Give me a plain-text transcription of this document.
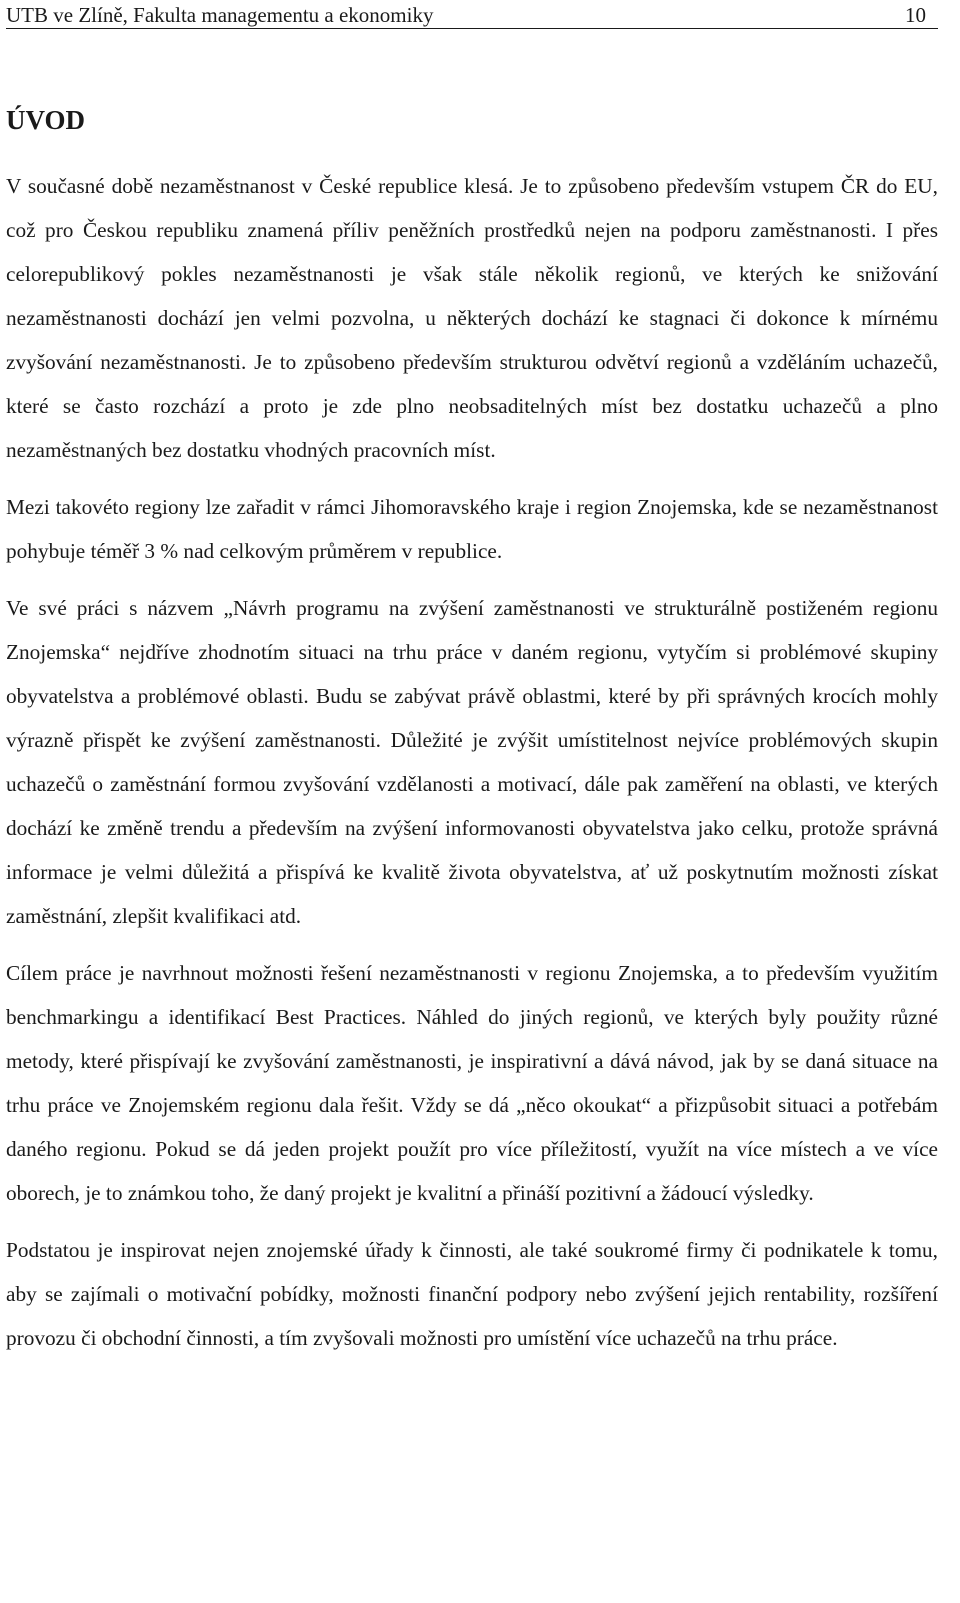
UTB ve Zlíně, Fakulta managementu a ekonomiky	10
ÚVOD

V současné době nezaměstnanost v České republice klesá. Je to způsobeno především vstupem ČR do EU, což pro Českou republiku znamená příliv peněžních prostředků nejen na podporu zaměstnanosti. I přes celorepublikový pokles nezaměstnanosti je však stále několik regionů, ve kterých ke snižování nezaměstnanosti dochází jen velmi pozvolna, u některých dochází ke stagnaci či dokonce k mírnému zvyšování nezaměstnanosti. Je to způsobeno především strukturou odvětví regionů a vzděláním uchazečů, které se často rozchází a proto je zde plno neobsaditelných míst bez dostatku uchazečů a plno nezaměstnaných bez dostatku vhodných pracovních míst.

Mezi takovéto regiony lze zařadit v rámci Jihomoravského kraje i region Znojemska, kde se nezaměstnanost pohybuje téměř 3 % nad celkovým průměrem v republice.

Ve své práci s názvem „Návrh programu na zvýšení zaměstnanosti ve strukturálně postiženém regionu Znojemska“ nejdříve zhodnotím situaci na trhu práce v daném regionu, vytyčím si problémové skupiny obyvatelstva a problémové oblasti. Budu se zabývat právě oblastmi, které by při správných krocích mohly výrazně přispět ke zvýšení zaměstnanosti. Důležité je zvýšit umístitelnost nejvíce problémových skupin uchazečů o zaměstnání formou zvyšování vzdělanosti a motivací, dále pak zaměření na oblasti, ve kterých dochází ke změně trendu a především na zvýšení informovanosti obyvatelstva jako celku, protože správná informace je velmi důležitá a přispívá ke kvalitě života obyvatelstva, ať už poskytnutím možnosti získat zaměstnání, zlepšit kvalifikaci atd.

Cílem práce je navrhnout možnosti řešení nezaměstnanosti v regionu Znojemska, a to především využitím benchmarkingu a identifikací Best Practices. Náhled do jiných regionů, ve kterých byly použity různé metody, které přispívají ke zvyšování zaměstnanosti, je inspirativní a dává návod, jak by se daná situace na trhu práce ve Znojemském regionu dala řešit. Vždy se dá „něco okoukat“ a přizpůsobit situaci a potřebám daného regionu. Pokud se dá jeden projekt použít pro více příležitostí, využít na více místech a ve více oborech, je to známkou toho, že daný projekt je kvalitní a přináší pozitivní a žádoucí výsledky.

Podstatou je inspirovat nejen znojemské úřady k činnosti, ale také soukromé firmy či podnikatele k tomu, aby se zajímali o motivační pobídky, možnosti finanční podpory nebo zvýšení jejich rentability, rozšíření provozu či obchodní činnosti, a tím zvyšovali možnosti pro umístění více uchazečů na trhu práce.
